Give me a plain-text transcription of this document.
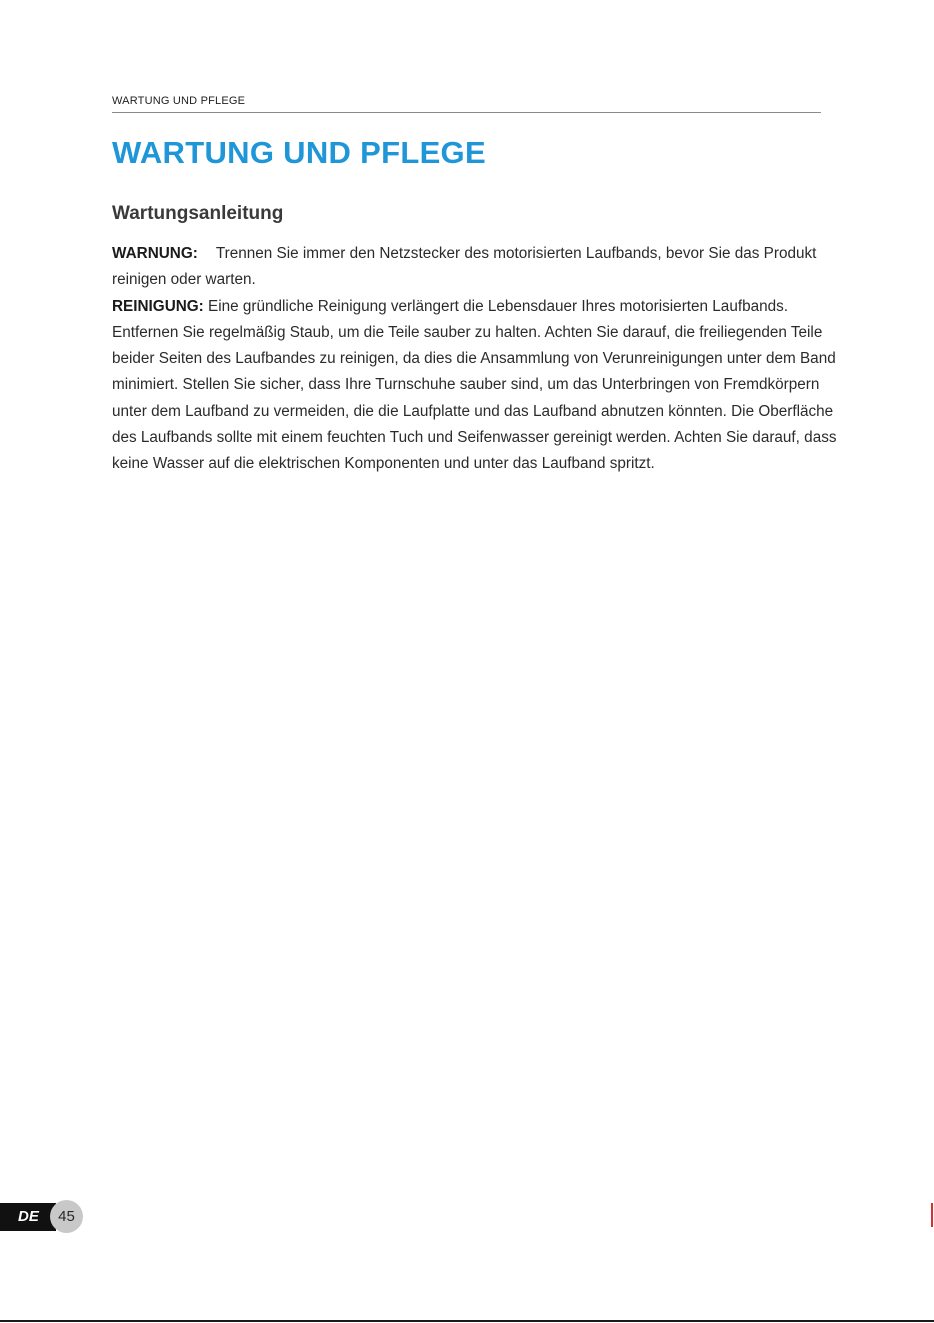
WARTUNG UND PFLEGE
WARTUNG UND PFLEGE
Wartungsanleitung

WARNUNG: Trennen Sie immer den Netzstecker des motorisierten Laufbands, bevor Sie das Produkt reinigen oder warten.

REINIGUNG: Eine gründliche Reinigung verlängert die Lebensdauer Ihres motorisierten Laufbands. Entfernen Sie regelmäßig Staub, um die Teile sauber zu halten. Achten Sie darauf, die freiliegenden Teile beider Seiten des Laufbandes zu reinigen, da dies die Ansammlung von Verunreinigungen unter dem Band minimiert. Stellen Sie sicher, dass Ihre Turnschuhe sauber sind, um das Unterbringen von Fremdkörpern unter dem Laufband zu vermeiden, die die Laufplatte und das Laufband abnutzen könnten. Die Oberfläche des Laufbands sollte mit einem feuchten Tuch und Seifenwasser gereinigt werden. Achten Sie darauf, dass keine Wasser auf die elektrischen Komponenten und unter das Laufband spritzt.

DE	45
